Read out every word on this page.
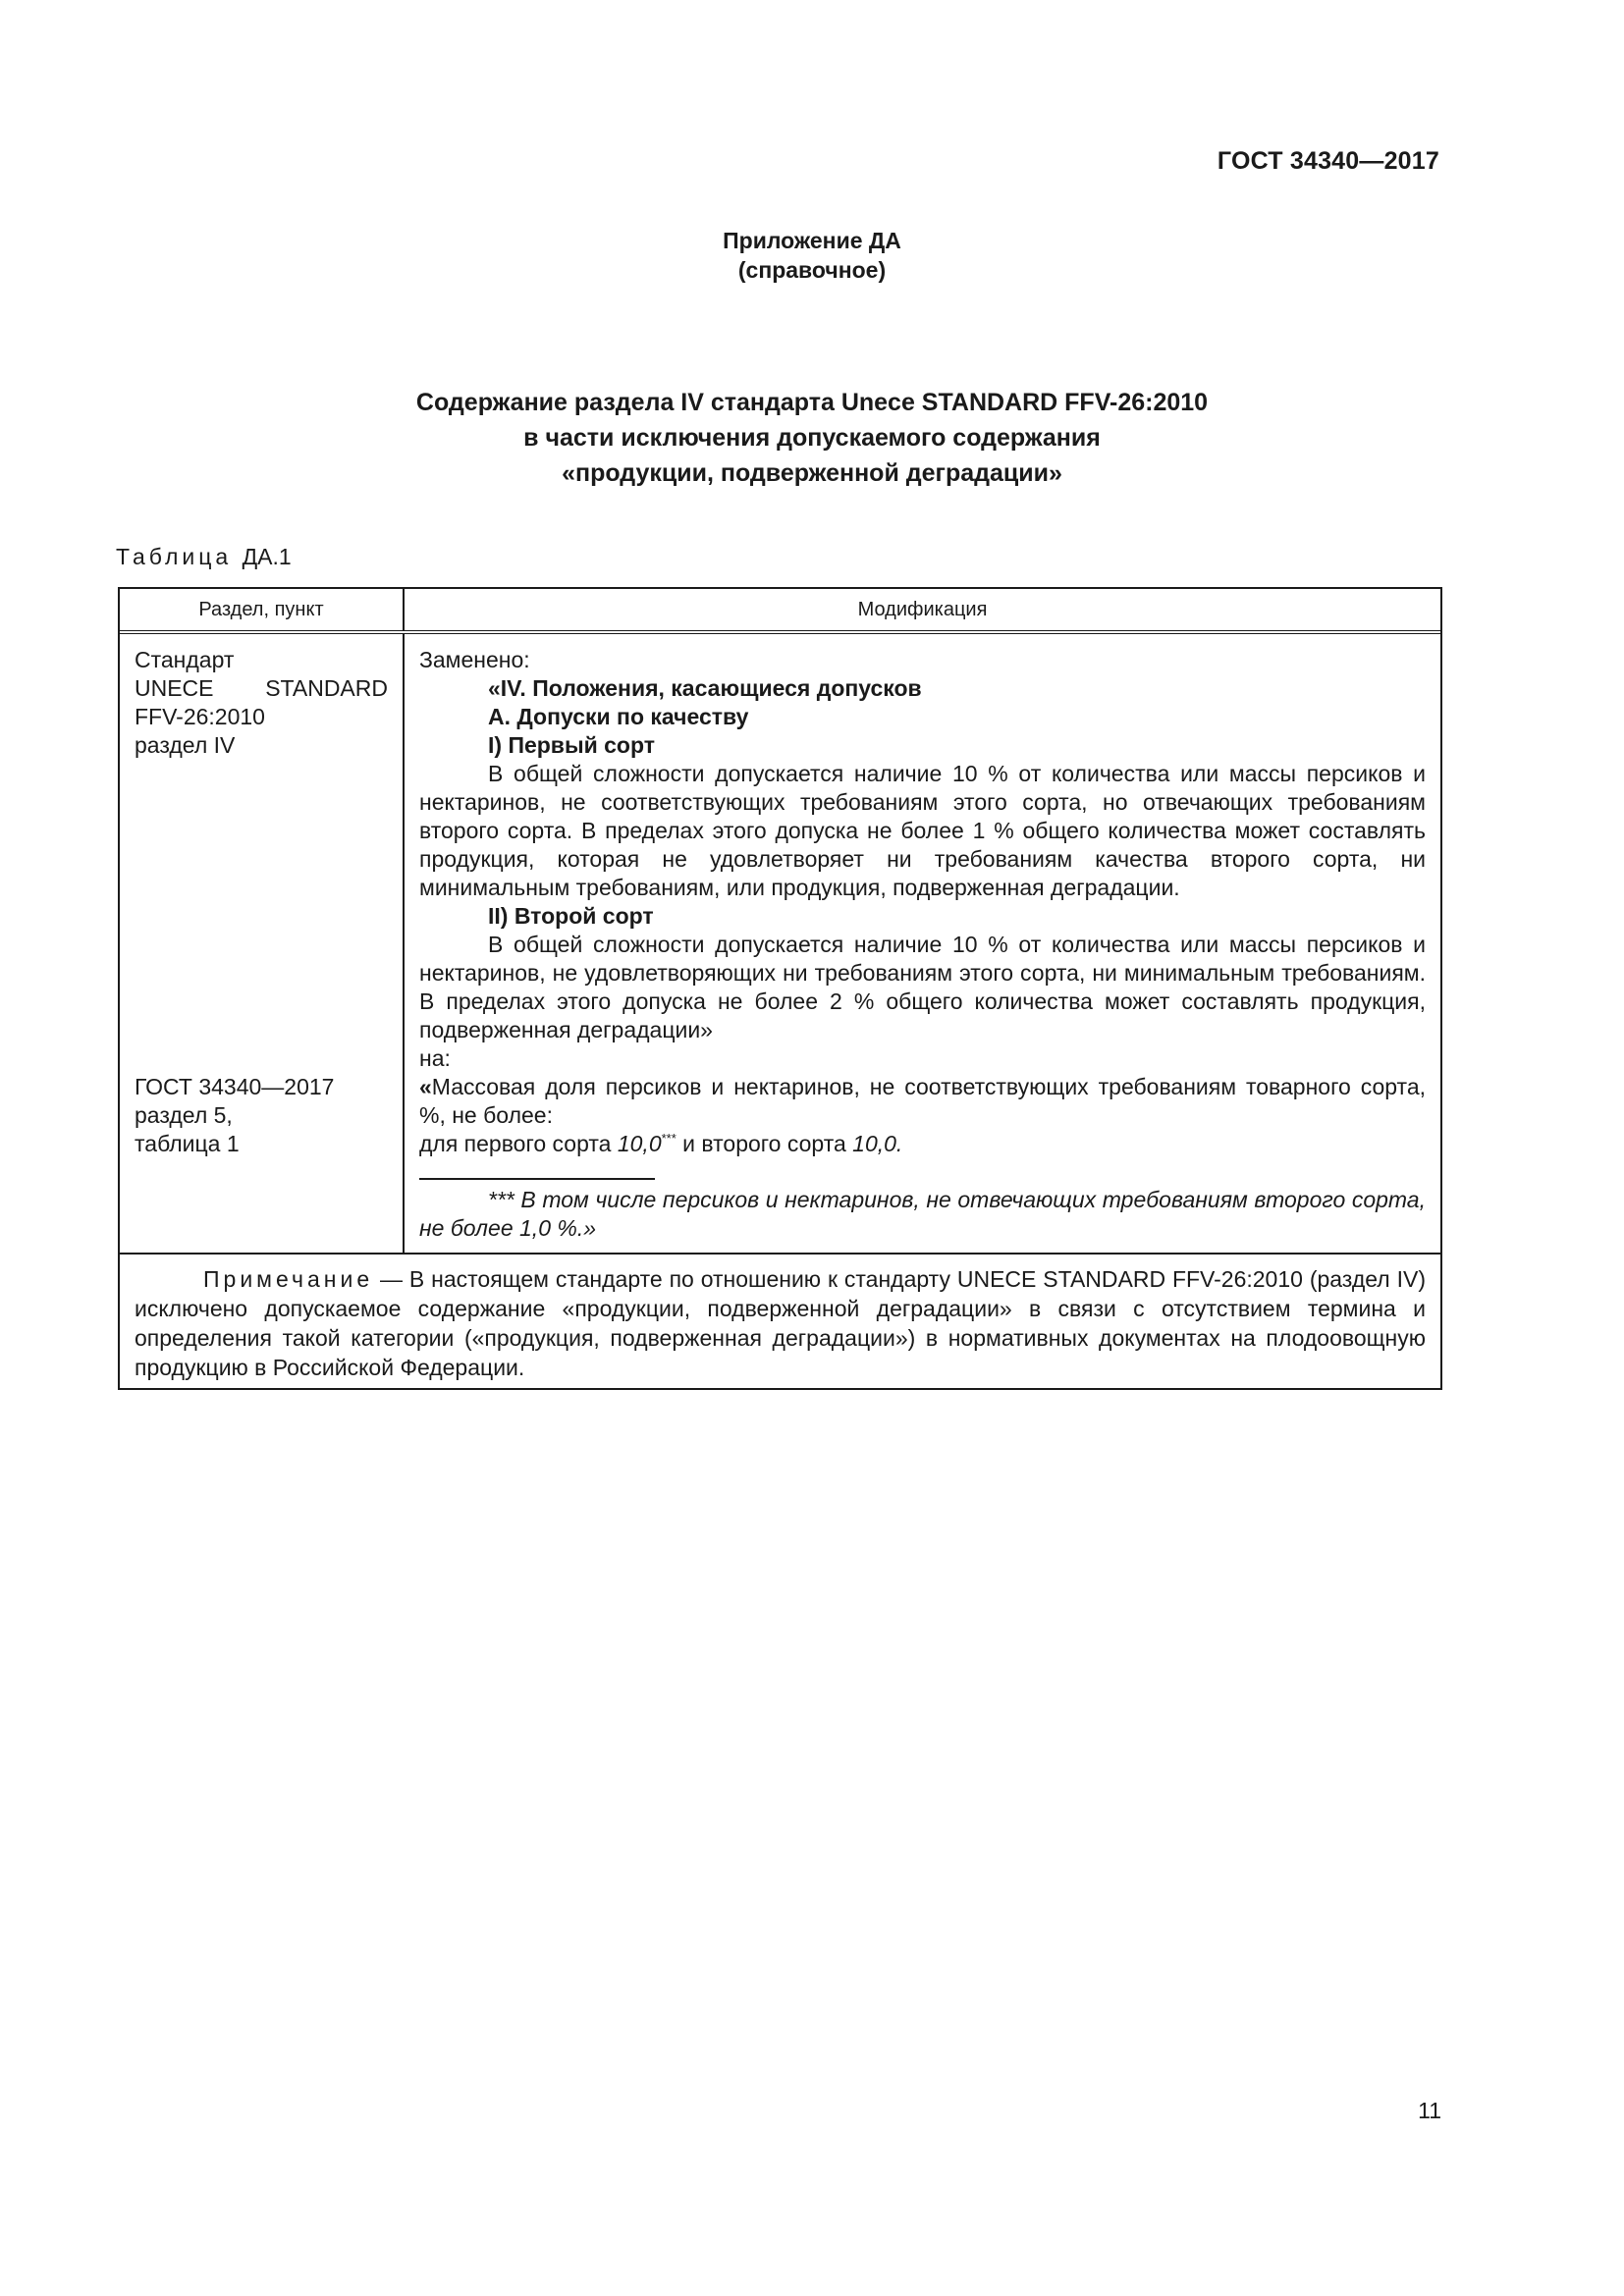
ГОСТ 34340—2017
Приложение ДА
(справочное)
Содержание раздела IV стандарта Unece STANDARD FFV-26:2010
в части исключения допускаемого содержания
«продукции, подверженной деградации»
Таблица ДА.1
Раздел, пункт	Модификация
Стандарт
UNECE STANDARD
FFV-26:2010
раздел IV
ГОСТ 34340—2017
раздел 5,
таблица 1

Заменено:

«IV. Положения, касающиеся допусков

A. Допуски по качеству

I) Первый сорт

В общей сложности допускается наличие 10 % от количества или массы персиков и нектаринов, не соответствующих требованиям этого сорта, но отвечающих требованиям второго сорта. В пределах этого допуска не более 1 % общего количества может составлять продукция, которая не удовлетворяет ни требованиям качества второго сорта, ни минимальным требованиям, или продукция, подверженная деградации.

II) Второй сорт

В общей сложности допускается наличие 10 % от количества или массы персиков и нектаринов, не удовлетворяющих ни требованиям этого сорта, ни минимальным требованиям. В пределах этого допуска не более 2 % общего количества может составлять продукция, подверженная деградации»

на:

«Массовая доля персиков и нектаринов, не соответствующих требованиям товарного сорта, %, не более:

для первого сорта 10,0*** и второго сорта 10,0.

*** В том числе персиков и нектаринов, не отвечающих требованиям второго сорта, не более 1,0 %.»

Примечание — В настоящем стандарте по отношению к стандарту UNECE STANDARD FFV-26:2010 (раздел IV) исключено допускаемое содержание «продукции, подверженной деградации» в связи с отсутствием термина и определения такой категории («продукция, подверженная деградации») в нормативных документах на плодоовощную продукцию в Российской Федерации.

11
